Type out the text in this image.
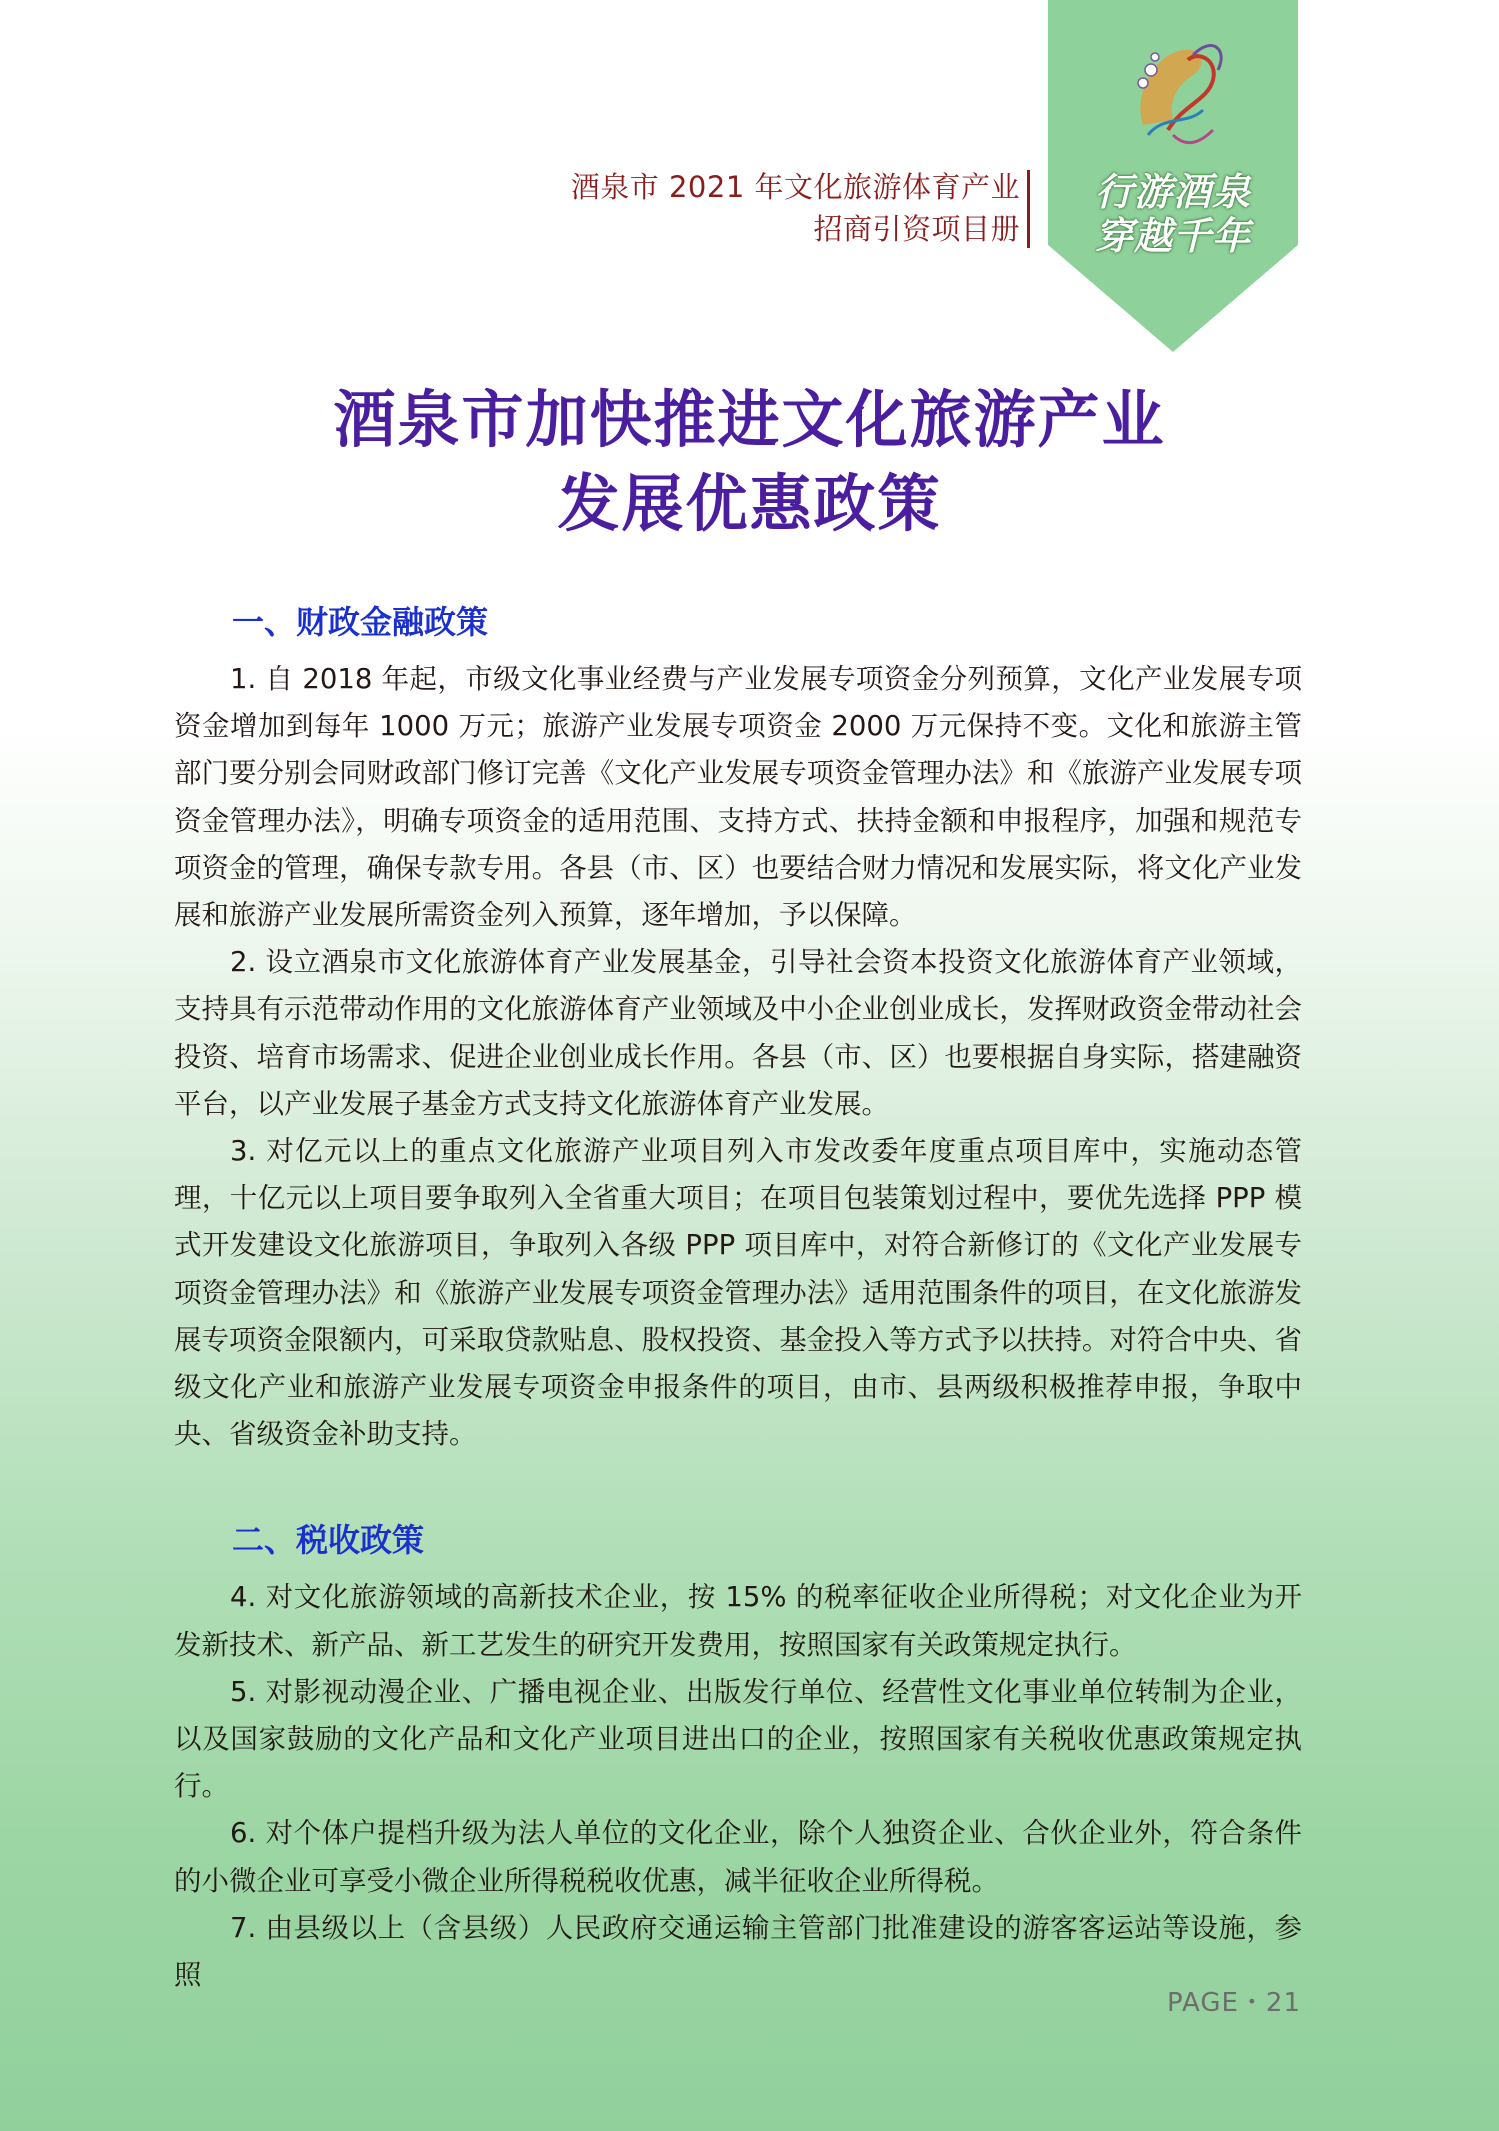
酒泉市 2021 年文化旅游体育产业
招商引资项目册
行游酒泉
穿越千年
酒泉市加快推进文化旅游产业
发展优惠政策
一、财政金融政策

1. 自 2018 年起，市级文化事业经费与产业发展专项资金分列预算，文化产业发展专项资金增加到每年 1000 万元；旅游产业发展专项资金 2000 万元保持不变。文化和旅游主管部门要分别会同财政部门修订完善《文化产业发展专项资金管理办法》和《旅游产业发展专项资金管理办法》，明确专项资金的适用范围、支持方式、扶持金额和申报程序，加强和规范专项资金的管理，确保专款专用。各县（市、区）也要结合财力情况和发展实际，将文化产业发展和旅游产业发展所需资金列入预算，逐年增加，予以保障。

2. 设立酒泉市文化旅游体育产业发展基金，引导社会资本投资文化旅游体育产业领域，支持具有示范带动作用的文化旅游体育产业领域及中小企业创业成长，发挥财政资金带动社会投资、培育市场需求、促进企业创业成长作用。各县（市、区）也要根据自身实际，搭建融资平台，以产业发展子基金方式支持文化旅游体育产业发展。

3. 对亿元以上的重点文化旅游产业项目列入市发改委年度重点项目库中，实施动态管理，十亿元以上项目要争取列入全省重大项目；在项目包装策划过程中，要优先选择 PPP 模式开发建设文化旅游项目，争取列入各级 PPP 项目库中，对符合新修订的《文化产业发展专项资金管理办法》和《旅游产业发展专项资金管理办法》适用范围条件的项目，在文化旅游发展专项资金限额内，可采取贷款贴息、股权投资、基金投入等方式予以扶持。对符合中央、省级文化产业和旅游产业发展专项资金申报条件的项目，由市、县两级积极推荐申报，争取中央、省级资金补助支持。

二、税收政策

4. 对文化旅游领域的高新技术企业，按 15% 的税率征收企业所得税；对文化企业为开发新技术、新产品、新工艺发生的研究开发费用，按照国家有关政策规定执行。

5. 对影视动漫企业、广播电视企业、出版发行单位、经营性文化事业单位转制为企业，以及国家鼓励的文化产品和文化产业项目进出口的企业，按照国家有关税收优惠政策规定执行。

6. 对个体户提档升级为法人单位的文化企业，除个人独资企业、合伙企业外，符合条件的小微企业可享受小微企业所得税税收优惠，减半征收企业所得税。

7. 由县级以上（含县级）人民政府交通运输主管部门批准建设的游客客运站等设施，参照

PAGE・21
